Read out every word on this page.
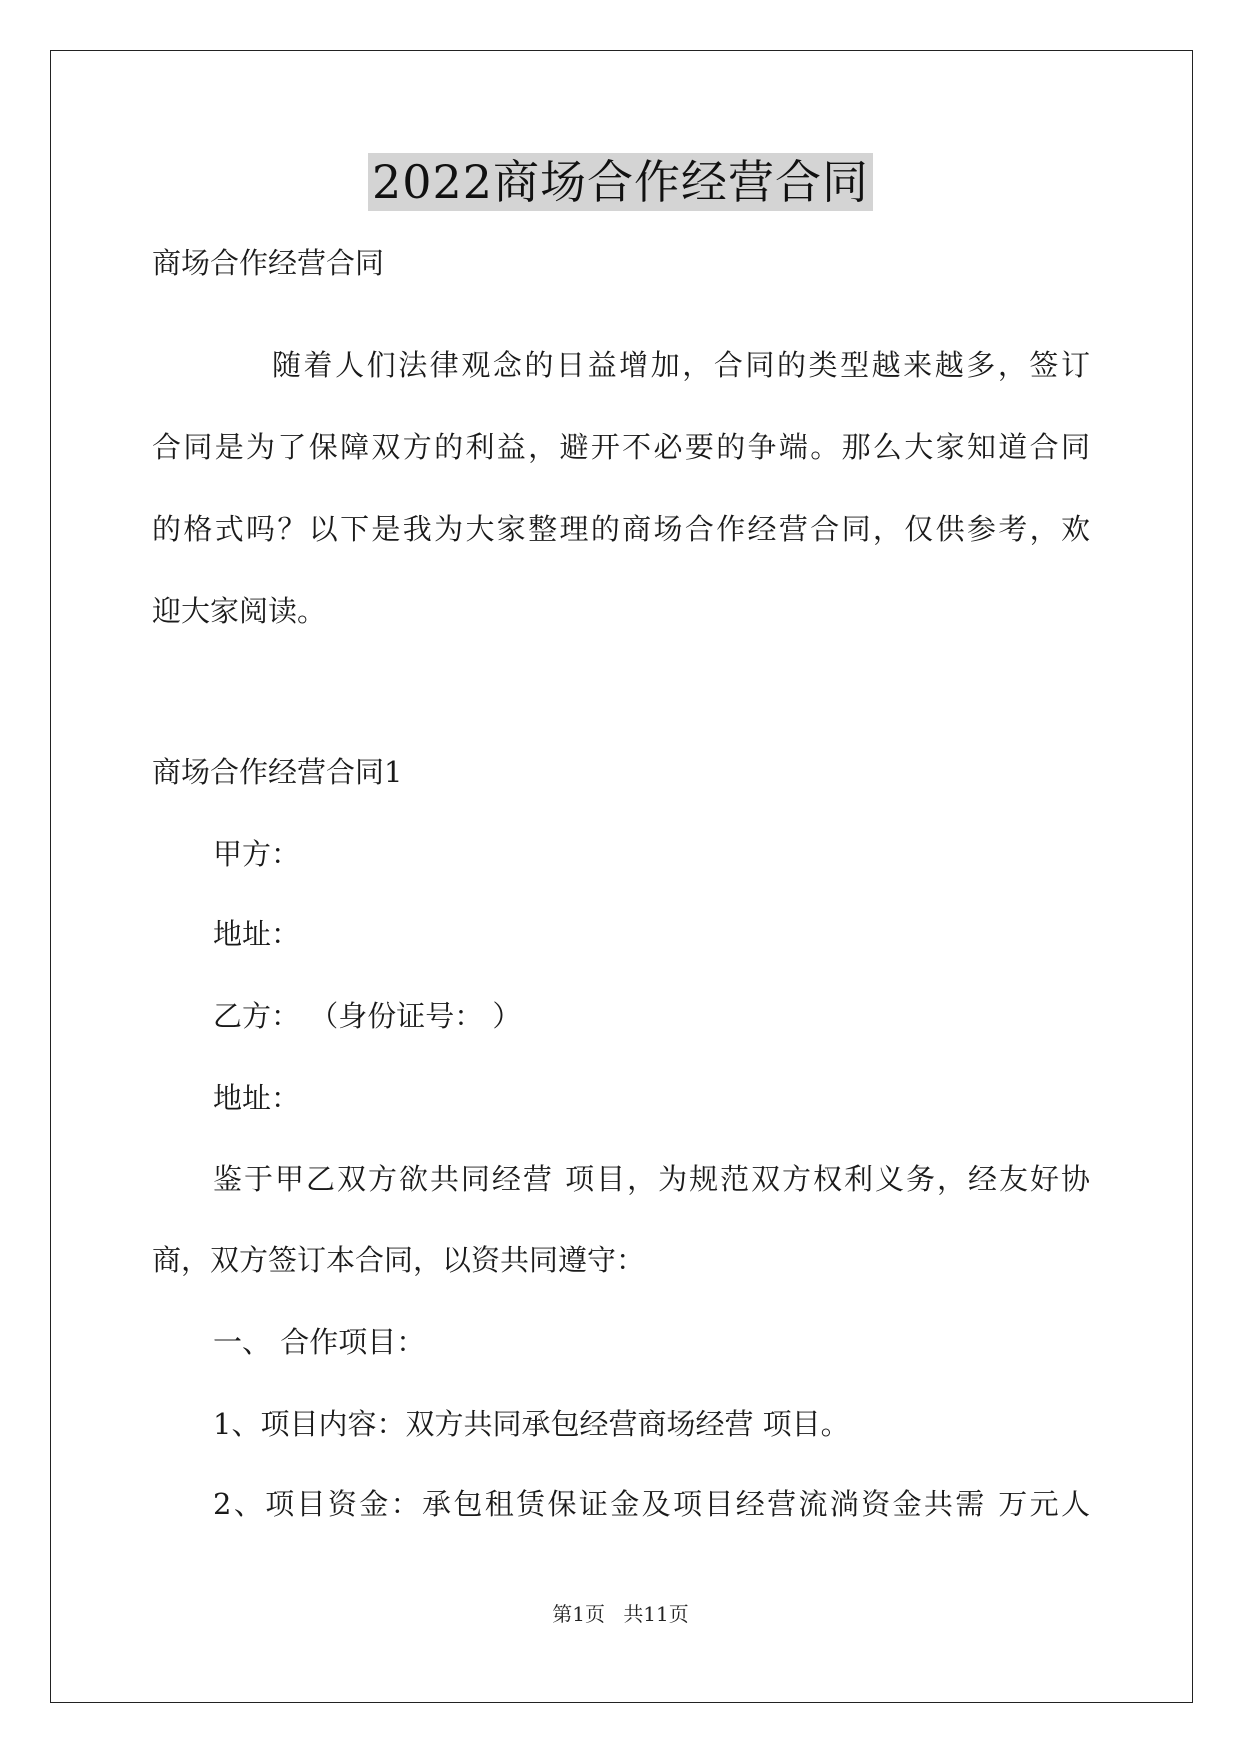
2022商场合作经营合同
商场合作经营合同
随着人们法律观念的日益增加，合同的类型越来越多，签订
合同是为了保障双方的利益，避开不必要的争端。那么大家知道合同
的格式吗？以下是我为大家整理的商场合作经营合同，仅供参考，欢
迎大家阅读。
商场合作经营合同1
甲方：
地址：
乙方： （身份证号： ）
地址：
鉴于甲乙双方欲共同经营 项目，为规范双方权利义务，经友好协
商，双方签订本合同，以资共同遵守：
一、 合作项目：
1、项目内容：双方共同承包经营商场经营 项目。
2、项目资金：承包租赁保证金及项目经营流淌资金共需 万元人
第1页 共11页
